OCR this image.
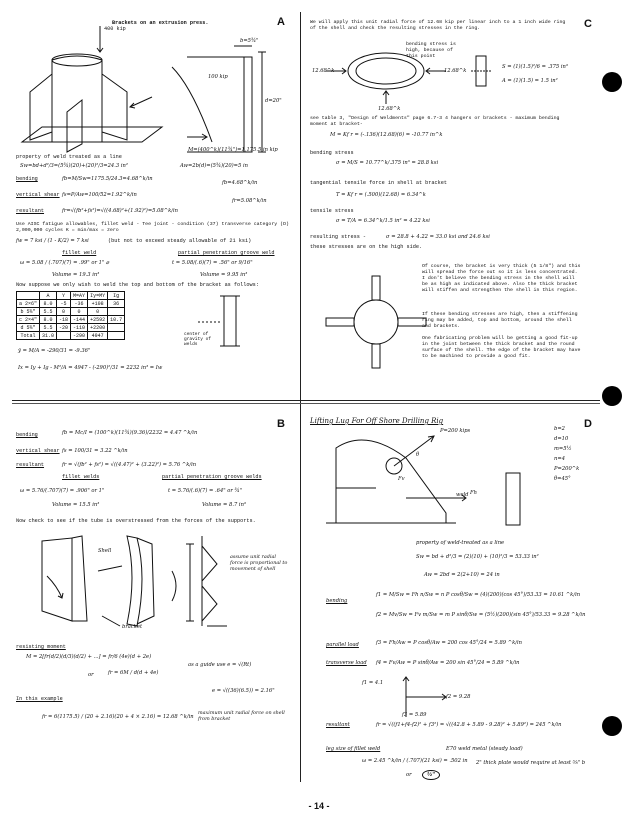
A
Brackets on an extrusion press.
400 kip
b=5¾"
d=20"
100 kip
M=(400^k)(11¾")=1,175.5 in kip
property of weld treated as a line
Sw=bd+d²/3=(5¾)(20)+(20)²/3=24.3 in²	Aw=2b(d)=(5¾)(20)=5 in
bending	fb=M/Sw=1175.5/24.3=4.68^k/in
vertical shear fs=P/Aw=100/52=1.92^k/in
resultant	fr=√(fb²+fs²)=√((4.68)²+(1.92)²)=5.08^k/in
fb=4.68^k/in
fr=5.08^k/in
Use AISC fatigue allowables, fillet weld - Tee joint - condition (37) transverse category (D) 2,000,000 cycles K = min/max = zero
fw = 7 ksi / (1 - K/2) = 7 ksi	(but not to exceed steady allowable of 21 ksi)
fillet weld	partial penetration groove weld
ω = 5.08 / (.707)(7) = .99" or 1" ⌀
Volume = 19.3 in³
t = 5.08/(.6)(7) = .56" or 9/16"
Volume = 9.95 in³
Now suppose we only wish to weld the top and bottom of the bracket as follows:
	A	Y	M=AY	Iy=MY	Ig
a 2×6"	8.0	-5	-36	+108	36
b 5¾"	5.5	0	0	0	
c 2×4"	8.0	-18	-144	+2592	10.7
d 5¾"	5.5	-20	-110	+2200	
Total	31.0		-290	4947		center of gravity of welds
ȳ = M/A = -290/31 = -9.36"
Ix = Iy + Ig - M²/A = 4947 - (-290)²/31 = 2232 in³ = Iw
B
bending	fb = Mc/I = (100^k)(11¾)(9.36)/2232 = 4.47 ^k/in
vertical shear fs = 100/31 = 3.22 ^k/in
resultant	fr = √(fb² + fs²) = √((4.47)² + (3.22)²) = 5.76 ^k/in
fillet welds	partial penetration groove welds
ω = 5.76/(.707)(7) = .906" or 1"
Volume = 15.5 in³
t = 5.76/(.6)(7) = .64" or ¾"
Volume = 8.7 in³
Now check to see if the tube is overstressed from the forces of the supports.
Shell
bracket
assume unit radial force is proportional to movement of shell
resisting moment
M = 2[fr(d/2)(d/3)(d/2) + ...] = fr/6 (4e)(d + 2e)
or	fr = 6M / d(d + 4e)
as a guide use e = √(Rt)
e = √((36)(6.5)) = 2.16"
In this example
fr = 6(1175.5) / (20 + 2.16)(20 + 4 × 2.16) = 12.68 ^k/in
maximum unit radial force on shell from bracket
C
We will apply this unit radial force of 12.68 kip per linear inch to a 1 inch wide ring of the shell and check the resulting stresses in the ring.
bending stress is high, because of this point
12.68^k	12.68^k
12.68^k
S = (1)(1.5)²/6 = .375 in³
A = (1)(1.5) = 1.5 in²
see table 3, "Design of Weldments" page 6.7-3 4 hangers or brackets - maximum bending moment at bracket-
M = Kf r = (-.136)(12.68)(6) = -10.77 in^k
bending stress
σ = M/S = 10.77^k/.375 in³ = 28.8 ksi
tangential tensile force in shell at bracket
T = Kf r = (.500)(12.68) = 6.34^k
tensile stress
σ = T/A = 6.34^k/1.5 in² = 4.22 ksi
resulting stress -	σ = 28.8 + 4.22 = 33.0 ksi and 24.6 ksi
these stresses are on the high side.
Of course, the bracket is very thick (5 1/8") and this will spread the force out so it is less concentrated. I don't believe the bending stress in the shell will be as high as indicated above. Also the thick bracket will stiffen and strengthen the shell in this region.
If these bending stresses are high, then a stiffening ring may be added, top and bottom, around the shell and brackets.
One fabricating problem will be getting a good fit-up in the joint between the thick bracket and the round surface of the shell. The edge of the bracket may have to be machined to provide a good fit.
D
Lifting Lug For Off Shore Drilling Rig
P=200 kips
θ
weld
Fv
Fh
b=2
d=10
m=5½
n=4
P=200^k
θ=45°
property of weld-treated as a line
Sw = bd + d²/3 = (2)(10) + (10)²/3 = 53.33 in²
Aw = 2bd = 2(2+10) = 24 in
bending
f1 = M/Sw = Fh n/Sw = n P cosθ/Sw = (4)(200)(cos 45°)/53.33 = 10.61 ^k/in
f2 = Mv/Sw = Fv m/Sw = m P sinθ/Sw = (5½)(200)(sin 45°)/53.33 = 9.28 ^k/in
parallel load	f3 = Fh/Aw = P cosθ/Aw = 200 cos 45°/24 = 5.89 ^k/in
transverse load f4 = Fv/Aw = P sinθ/Aw = 200 sin 45°/24 = 5.89 ^k/in
f1 = 4.1
f2 = 9.28
f3 = 5.89
resultant	fr = √((f1+f4-f2)² + f3²) = √((42.8 + 5.89 - 9.28)² + 5.89²) = 245 ^k/in
leg size of fillet weld	E70 weld metal (steady load)
ω = 2.45 ^k/in / (.707)(21 ksi) = .502 in
or	½"
2" thick plate would require at least ⅜" b
- 14 -
